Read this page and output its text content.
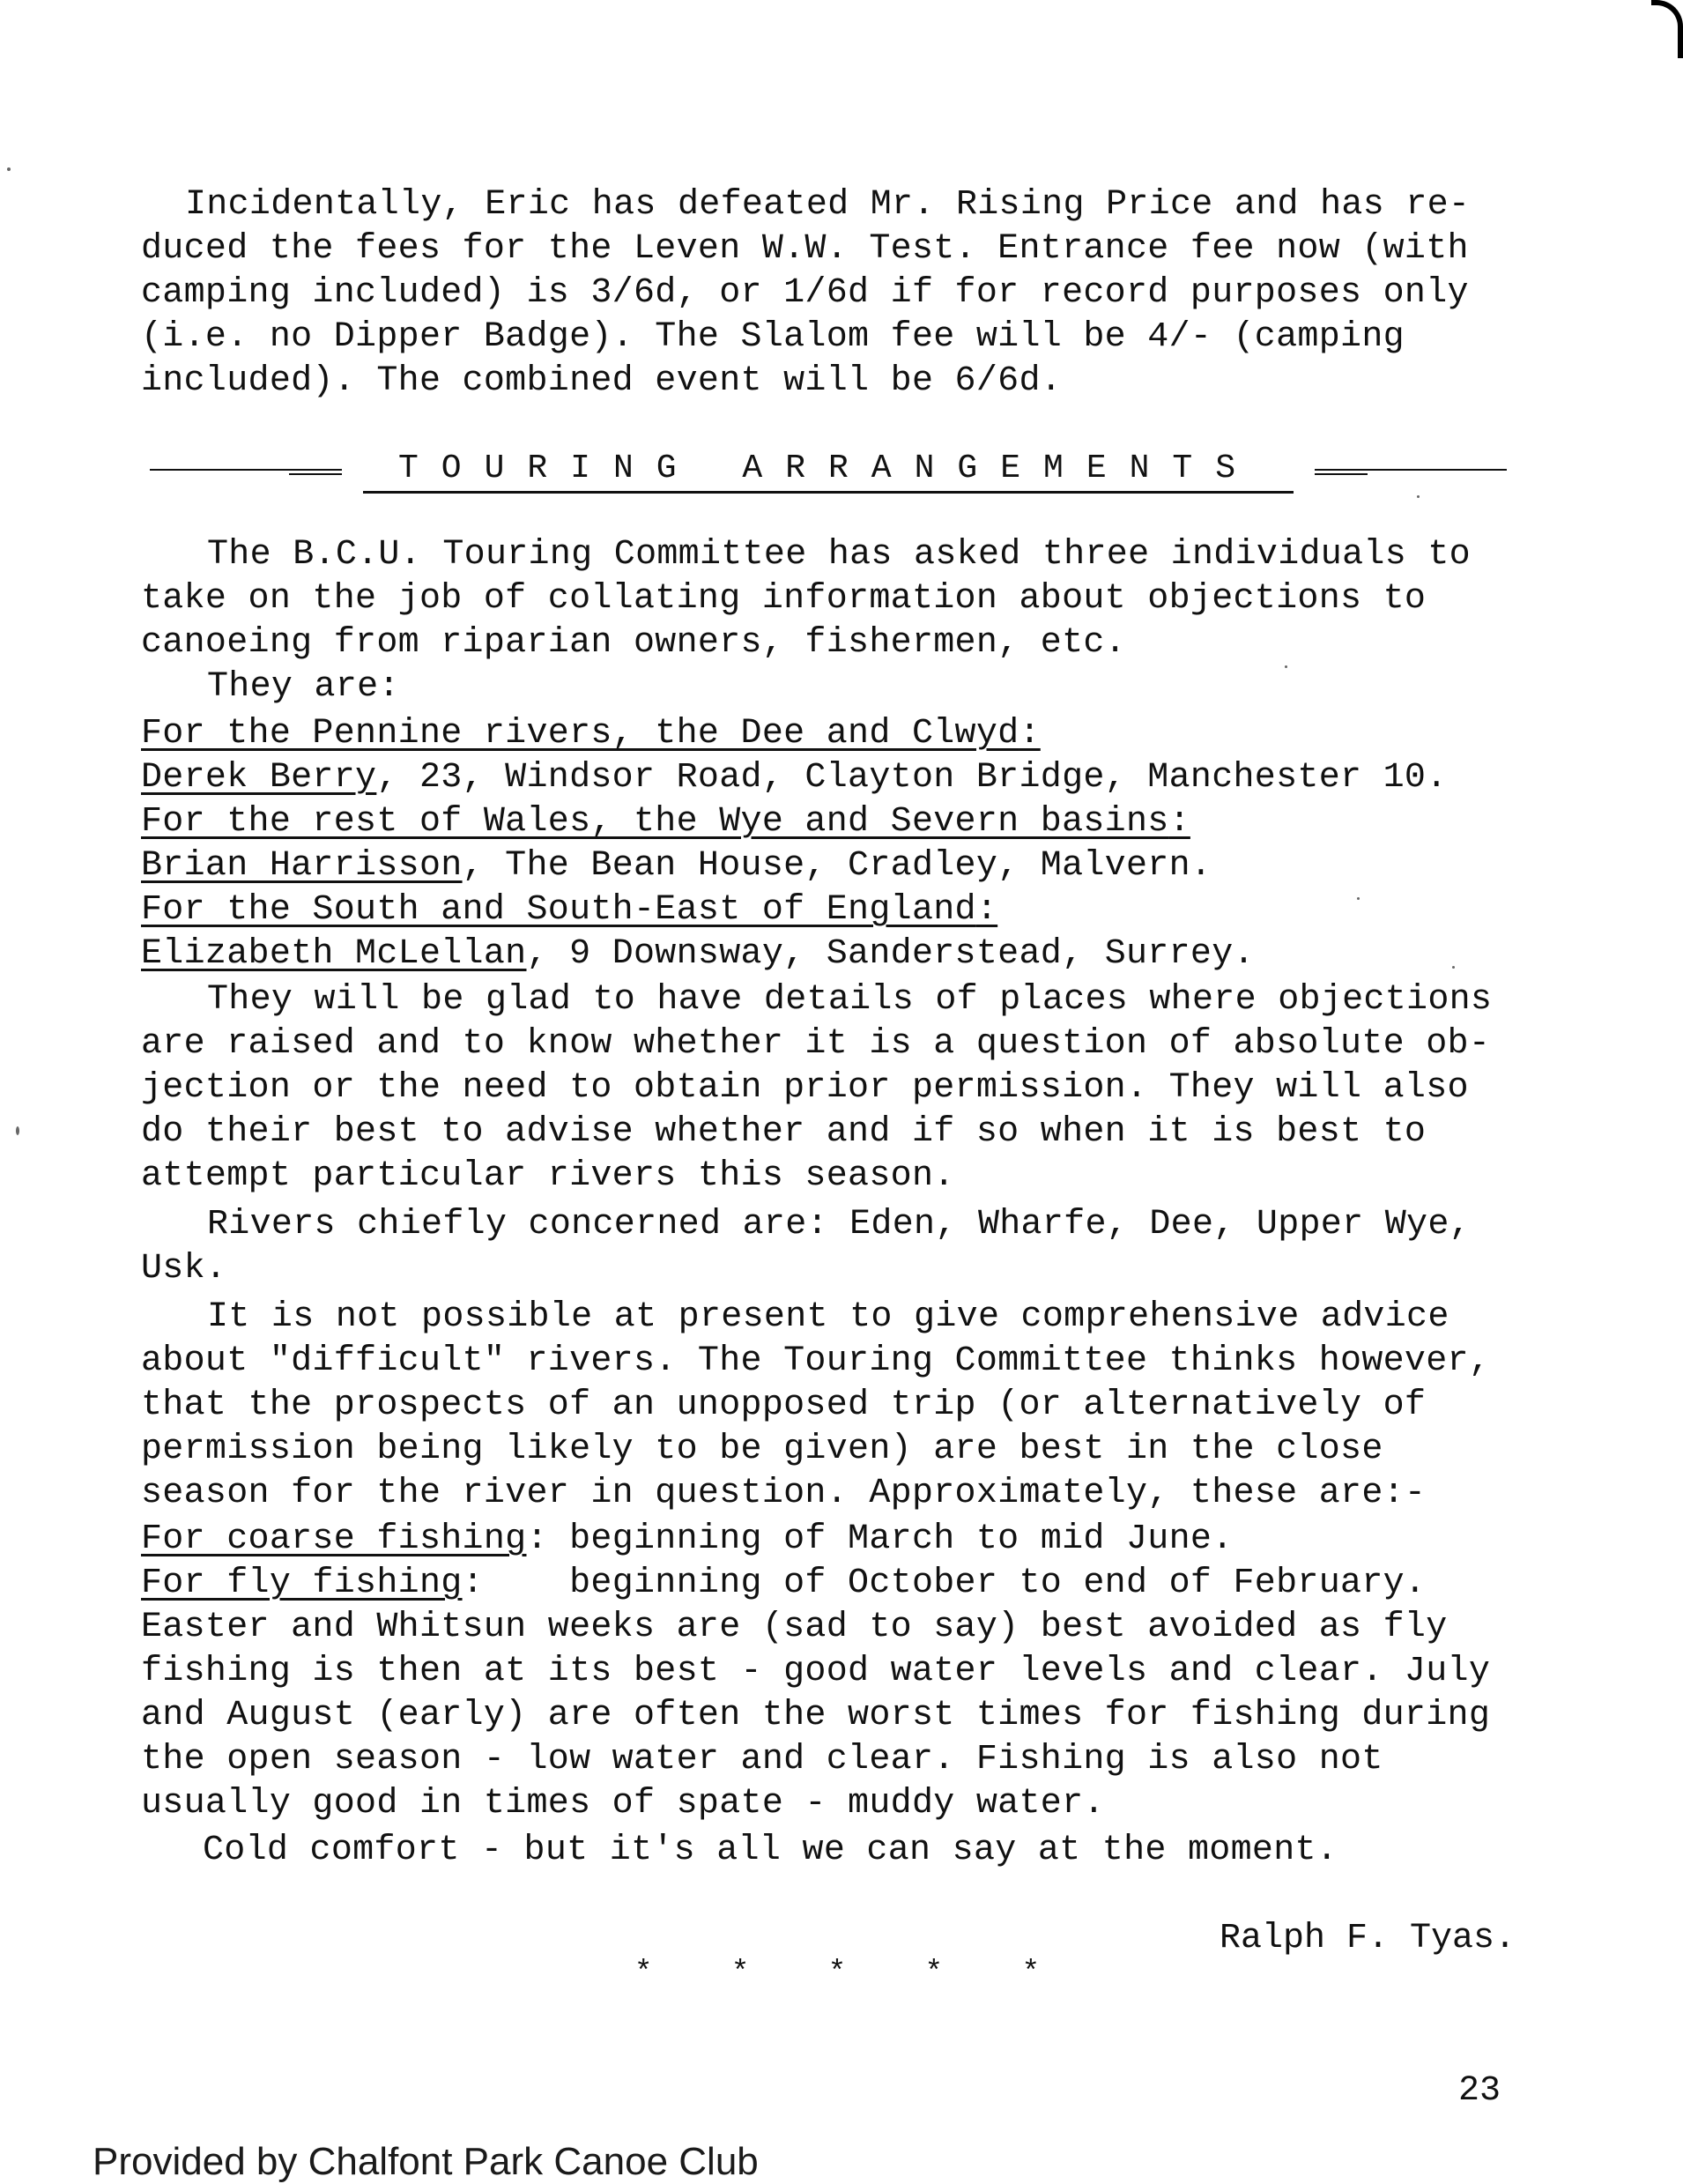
Incidentally, Eric has defeated Mr. Rising Price and has re-
duced the fees for the Leven W.W. Test. Entrance fee now (with
camping included) is 3/6d, or 1/6d if for record purposes only
(i.e. no Dipper Badge). The Slalom fee will be 4/- (camping
included). The combined event will be 6/6d.
TOURING ARRANGEMENTS
The B.C.U. Touring Committee has asked three individuals to
take on the job of collating information about objections to
canoeing from riparian owners, fishermen, etc.
They are:
For the Pennine rivers, the Dee and Clwyd:
Derek Berry, 23, Windsor Road, Clayton Bridge, Manchester 10.
For the rest of Wales, the Wye and Severn basins:
Brian Harrisson, The Bean House, Cradley, Malvern.
For the South and South-East of England:
Elizabeth McLellan, 9 Downsway, Sanderstead, Surrey.
They will be glad to have details of places where objections
are raised and to know whether it is a question of absolute ob-
jection or the need to obtain prior permission. They will also
do their best to advise whether and if so when it is best to
attempt particular rivers this season.
Rivers chiefly concerned are: Eden, Wharfe, Dee, Upper Wye,
Usk.
It is not possible at present to give comprehensive advice
about "difficult" rivers. The Touring Committee thinks however,
that the prospects of an unopposed trip (or alternatively of
permission being likely to be given) are best in the close
season for the river in question. Approximately, these are:-
For coarse fishing: beginning of March to mid June.
For fly fishing:    beginning of October to end of February.
Easter and Whitsun weeks are (sad to say) best avoided as fly
fishing is then at its best - good water levels and clear. July
and August (early) are often the worst times for fishing during
the open season - low water and clear. Fishing is also not
usually good in times of spate - muddy water.
Cold comfort - but it's all we can say at the moment.
Ralph F. Tyas.
*	*	*	*	*
23
Provided by Chalfont Park Canoe Club
